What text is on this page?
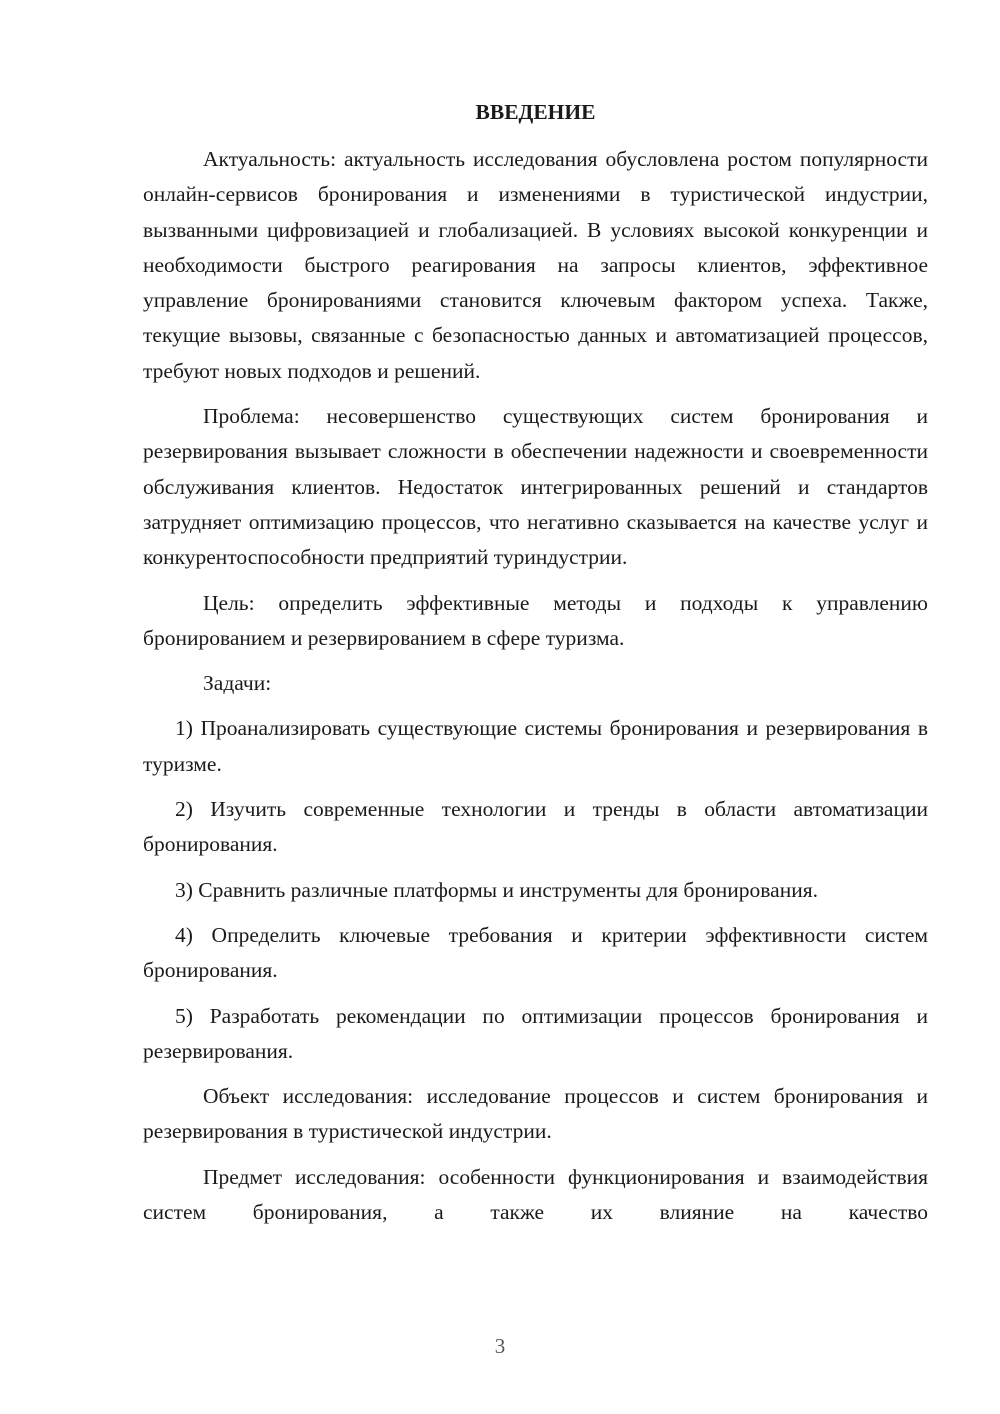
ВВЕДЕНИЕ

Актуальность: актуальность исследования обусловлена ростом популярности онлайн-сервисов бронирования и изменениями в туристической индустрии, вызванными цифровизацией и глобализацией. В условиях высокой конкуренции и необходимости быстрого реагирования на запросы клиентов, эффективное управление бронированиями становится ключевым фактором успеха. Также, текущие вызовы, связанные с безопасностью данных и автоматизацией процессов, требуют новых подходов и решений.

Проблема: несовершенство существующих систем бронирования и резервирования вызывает сложности в обеспечении надежности и своевременности обслуживания клиентов. Недостаток интегрированных решений и стандартов затрудняет оптимизацию процессов, что негативно сказывается на качестве услуг и конкурентоспособности предприятий туриндустрии.

Цель: определить эффективные методы и подходы к управлению бронированием и резервированием в сфере туризма.

Задачи:

1) Проанализировать существующие системы бронирования и резервирования в туризме.

2) Изучить современные технологии и тренды в области автоматизации бронирования.

3) Сравнить различные платформы и инструменты для бронирования.

4) Определить ключевые требования и критерии эффективности систем бронирования.

5) Разработать рекомендации по оптимизации процессов бронирования и резервирования.

Объект исследования: исследование процессов и систем бронирования и резервирования в туристической индустрии.

Предмет исследования: особенности функционирования и взаимодействия систем бронирования, а также их влияние на качество

3
